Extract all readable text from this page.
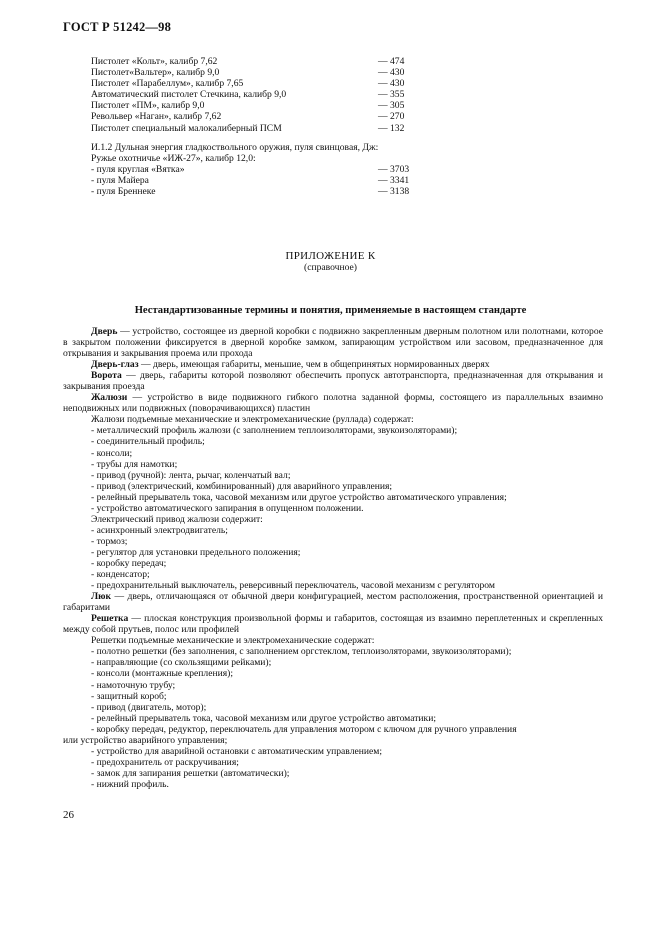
ГОСТ Р 51242—98
Пистолет «Кольт», калибр 7,62	— 474
Пистолет«Вальтер», калибр 9,0	— 430
Пистолет «Парабеллум», калибр 7,65	— 430
Автоматический пистолет Стечкина, калибр 9,0	— 355
Пистолет «ПМ», калибр 9,0	— 305
Револьвер «Наган», калибр 7,62	— 270
Пистолет специальный малокалиберный ПСМ	— 132
И.1.2 Дульная энергия гладкоствольного оружия, пуля свинцовая, Дж:
Ружье охотничье «ИЖ-27», калибр 12,0:
- пуля круглая «Вятка»	— 3703
- пуля Майера	— 3341
- пуля Бреннеке	— 3138
ПРИЛОЖЕНИЕ К
(справочное)
Нестандартизованные термины и понятия, применяемые в настоящем стандарте

Дверь — устройство, состоящее из дверной коробки с подвижно закрепленным дверным полотном или полотнами, которое в закрытом положении фиксируется в дверной коробке замком, запирающим устройством или засовом, предназначенное для открывания и закрывания проема или прохода

Дверь-глаз — дверь, имеющая габариты, меньшие, чем в общепринятых нормированных дверях

Ворота — дверь, габариты которой позволяют обеспечить пропуск автотранспорта, предназначенная для открывания и закрывания проезда

Жалюзи — устройство в виде подвижного гибкого полотна заданной формы, состоящего из параллельных взаимно неподвижных или подвижных (поворачивающихся) пластин

Жалюзи подъемные механические и электромеханические (руллада) содержат:
- металлический профиль жалюзи (с заполнением теплоизоляторами, звукоизоляторами);
- соединительный профиль;
- консоли;
- трубы для намотки;
- привод (ручной): лента, рычаг, коленчатый вал;
- привод (электрический, комбинированный) для аварийного управления;
- релейный прерыватель тока, часовой механизм или другое устройство автоматического управления;
- устройство автоматического запирания в опущенном положении.
Электрический привод жалюзи содержит:
- асинхронный электродвигатель;
- тормоз;
- регулятор для установки предельного положения;
- коробку передач;
- конденсатор;
- предохранительный выключатель, реверсивный переключатель, часовой механизм с регулятором

Люк — дверь, отличающаяся от обычной двери конфигурацией, местом расположения, пространственной ориентацией и габаритами

Решетка — плоская конструкция произвольной формы и габаритов, состоящая из взаимно переплетенных и скрепленных между собой прутьев, полос или профилей

Решетки подъемные механические и электромеханические содержат:
- полотно решетки (без заполнения, с заполнением оргстеклом, теплоизоляторами, звукоизоляторами);
- направляющие (со скользящими рейками);
- консоли (монтажные крепления);
- намоточную трубу;
- защитный короб;
- привод (двигатель, мотор);
- релейный прерыватель тока, часовой механизм или другое устройство автоматики;
- коробку передач, редуктор, переключатель для управления мотором с ключом для ручного управления
или устройство аварийного управления;
- устройство для аварийной остановки с автоматическим управлением;
- предохранитель от раскручивания;
- замок для запирания решетки (автоматически);
- нижний профиль.
26
